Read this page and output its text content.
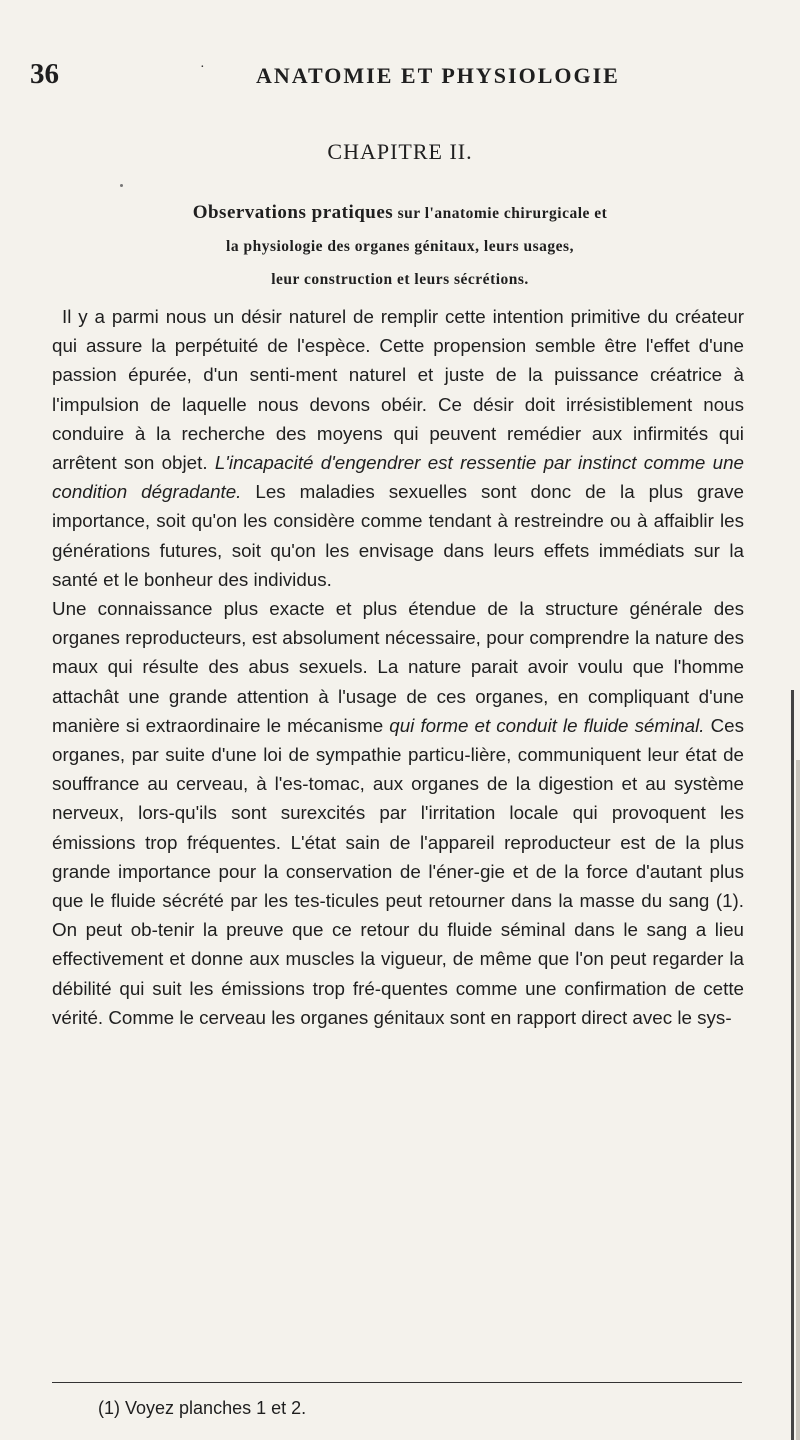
36	· ANATOMIE ET PHYSIOLOGIE
CHAPITRE II.
Observations pratiques sur l'anatomie chirurgicale et
la physiologie des organes génitaux, leurs usages,
leur construction et leurs sécrétions.

Il y a parmi nous un désir naturel de remplir cette intention primitive du créateur qui assure la perpétuité de l'espèce. Cette propension semble être l'effet d'une passion épurée, d'un senti-ment naturel et juste de la puissance créatrice à l'impulsion de laquelle nous devons obéir. Ce désir doit irrésistiblement nous conduire à la recherche des moyens qui peuvent remédier aux infirmités qui arrêtent son objet. L'incapacité d'engendrer est ressentie par instinct comme une condition dégradante. Les maladies sexuelles sont donc de la plus grave importance, soit qu'on les considère comme tendant à restreindre ou à affaiblir les générations futures, soit qu'on les envisage dans leurs effets immédiats sur la santé et le bonheur des individus.

Une connaissance plus exacte et plus étendue de la structure générale des organes reproducteurs, est absolument nécessaire, pour comprendre la nature des maux qui résulte des abus sexuels. La nature parait avoir voulu que l'homme attachât une grande attention à l'usage de ces organes, en compliquant d'une manière si extraordinaire le mécanisme qui forme et conduit le fluide séminal. Ces organes, par suite d'une loi de sympathie particu-lière, communiquent leur état de souffrance au cerveau, à l'es-tomac, aux organes de la digestion et au système nerveux, lors-qu'ils sont surexcités par l'irritation locale qui provoquent les émissions trop fréquentes. L'état sain de l'appareil reproducteur est de la plus grande importance pour la conservation de l'éner-gie et de la force d'autant plus que le fluide sécrété par les tes-ticules peut retourner dans la masse du sang (1). On peut ob-tenir la preuve que ce retour du fluide séminal dans le sang a lieu effectivement et donne aux muscles la vigueur, de même que l'on peut regarder la débilité qui suit les émissions trop fré-quentes comme une confirmation de cette vérité. Comme le cerveau les organes génitaux sont en rapport direct avec le sys-

(1) Voyez planches 1 et 2.
